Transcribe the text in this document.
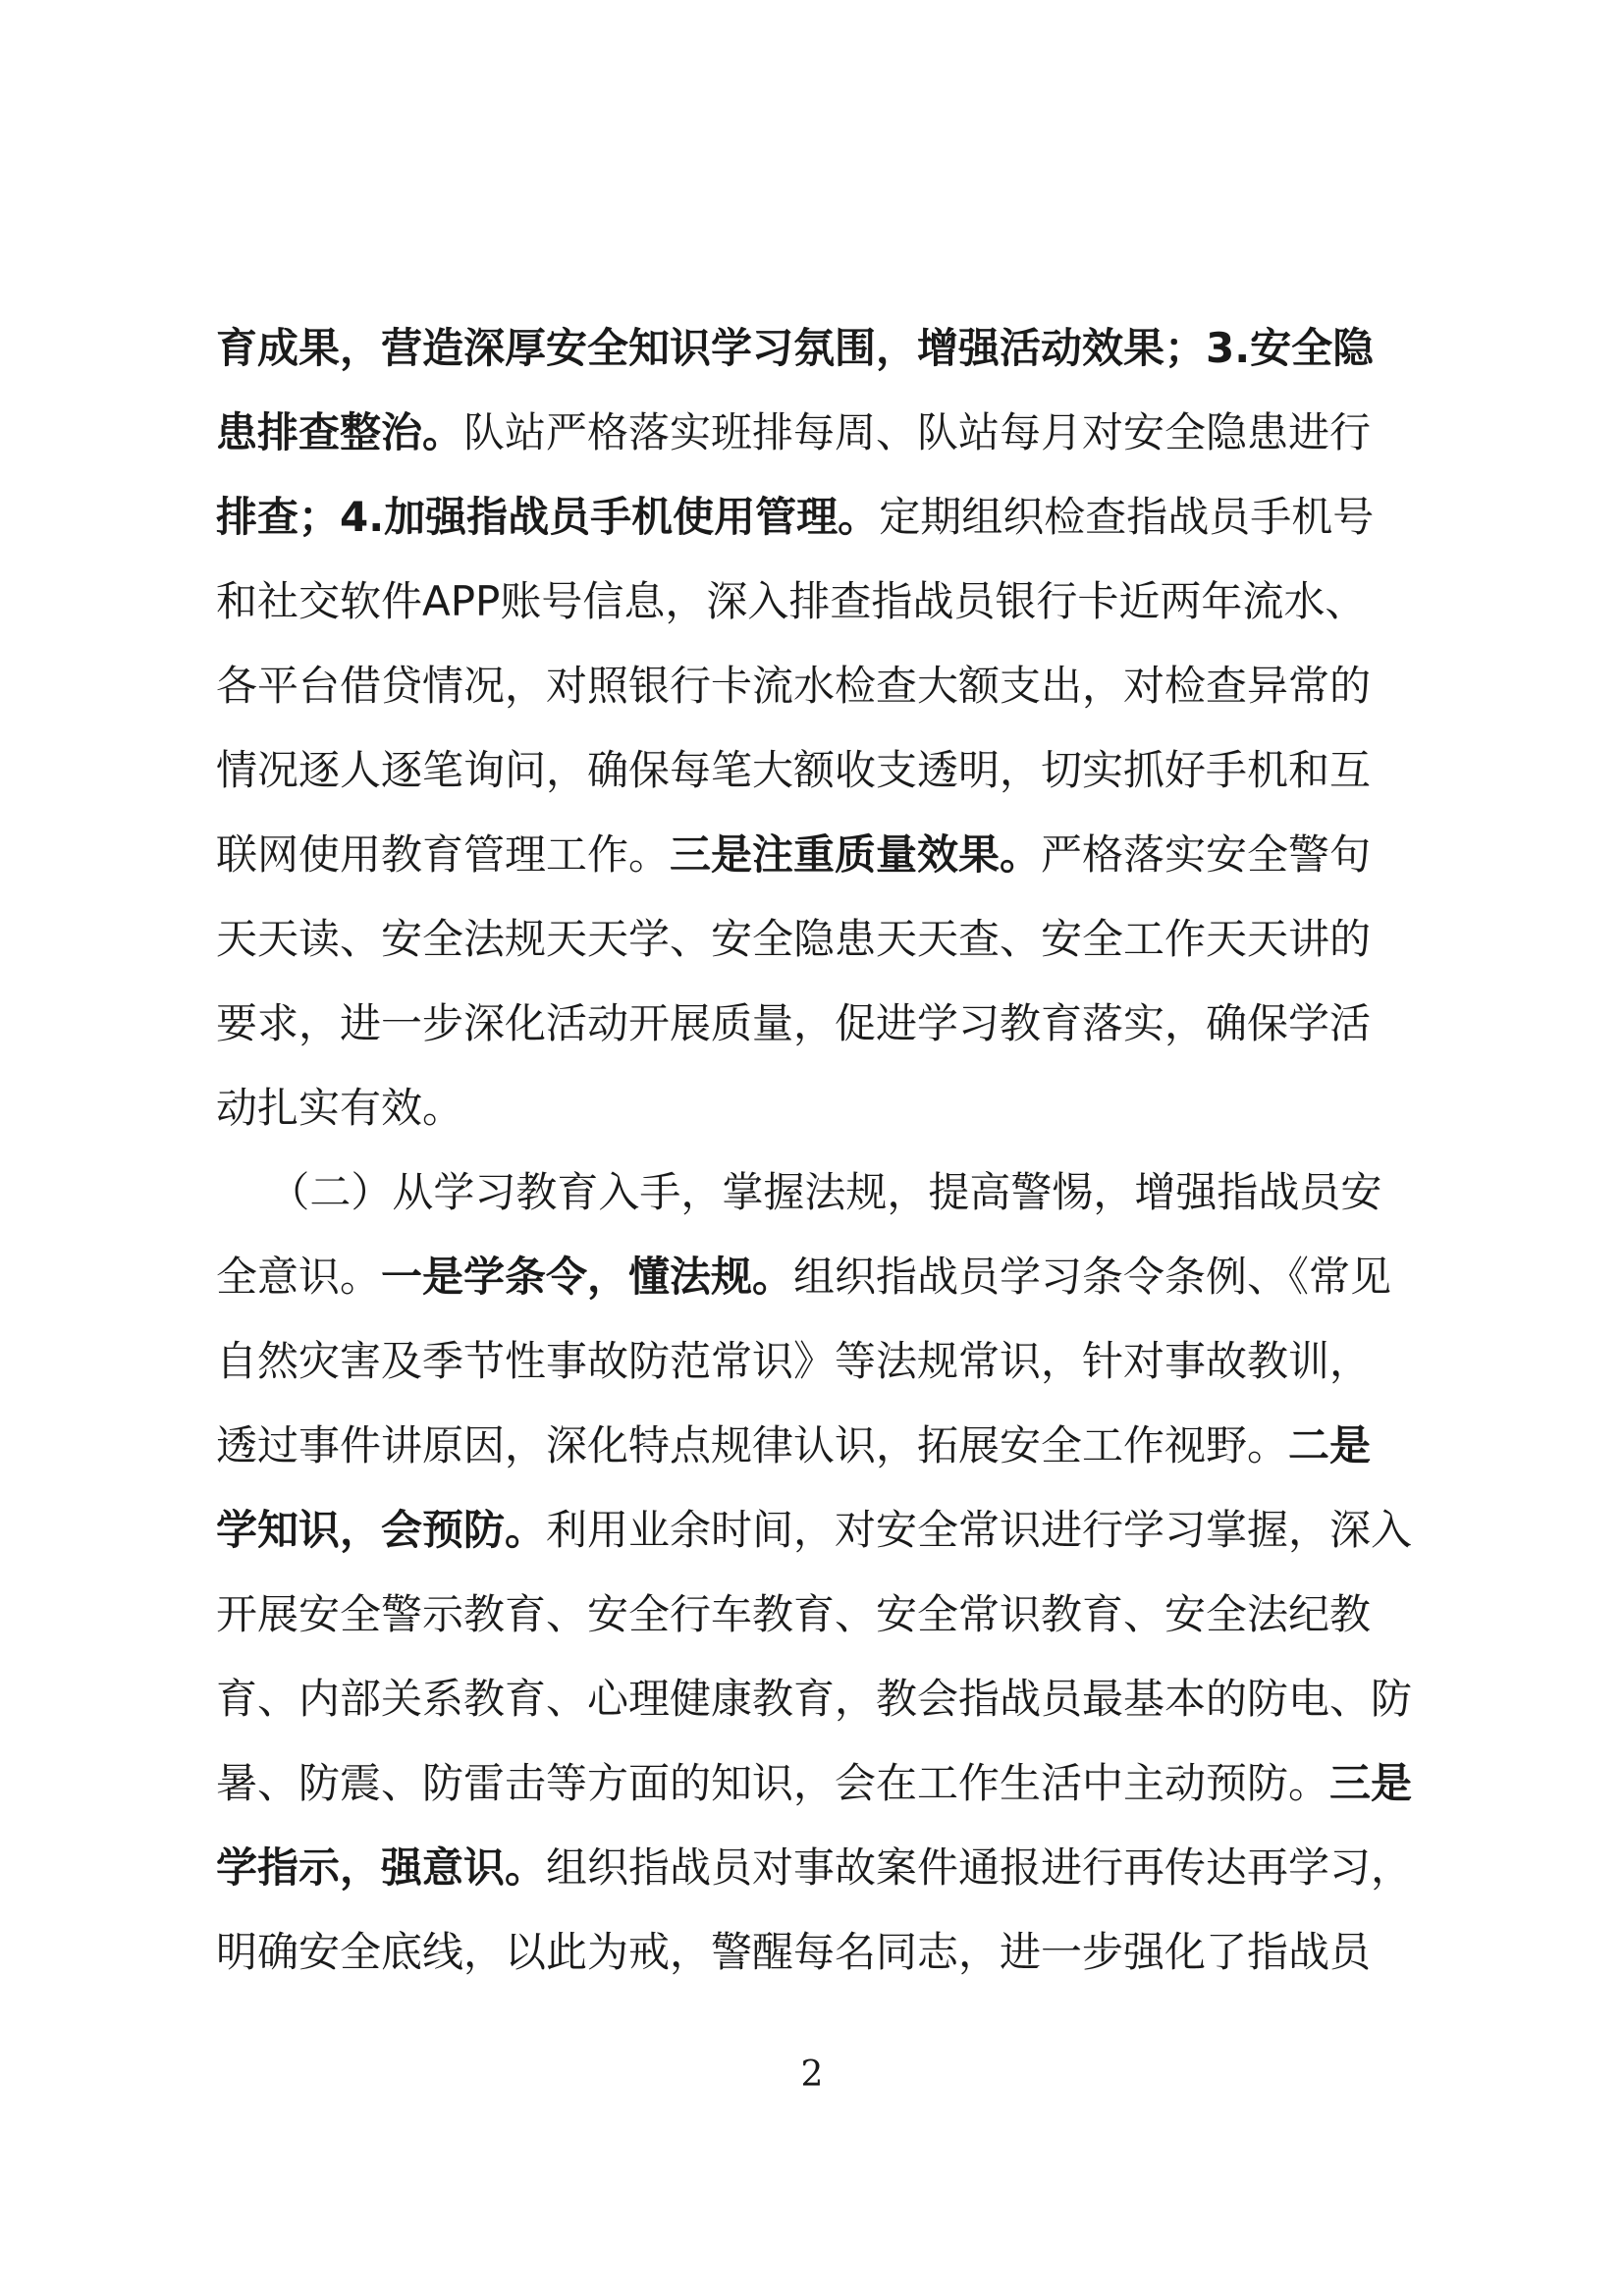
育成果，营造深厚安全知识学习氛围，增强活动效果；3.安全隐
患排查整治。队站严格落实班排每周、队站每月对安全隐患进行
排查；4.加强指战员手机使用管理。定期组织检查指战员手机号
和社交软件APP账号信息，深入排查指战员银行卡近两年流水、
各平台借贷情况，对照银行卡流水检查大额支出，对检查异常的
情况逐人逐笔询问，确保每笔大额收支透明，切实抓好手机和互
联网使用教育管理工作。三是注重质量效果。严格落实安全警句
天天读、安全法规天天学、安全隐患天天查、安全工作天天讲的
要求，进一步深化活动开展质量，促进学习教育落实，确保学活
动扎实有效。
（二）从学习教育入手，掌握法规，提高警惕，增强指战员安
全意识。一是学条令，懂法规。组织指战员学习条令条例、《常见
自然灾害及季节性事故防范常识》等法规常识，针对事故教训，
透过事件讲原因，深化特点规律认识，拓展安全工作视野。二是
学知识，会预防。利用业余时间，对安全常识进行学习掌握，深入
开展安全警示教育、安全行车教育、安全常识教育、安全法纪教
育、内部关系教育、心理健康教育，教会指战员最基本的防电、防
暑、防震、防雷击等方面的知识，会在工作生活中主动预防。三是
学指示，强意识。组织指战员对事故案件通报进行再传达再学习，
明确安全底线，以此为戒，警醒每名同志，进一步强化了指战员
2
